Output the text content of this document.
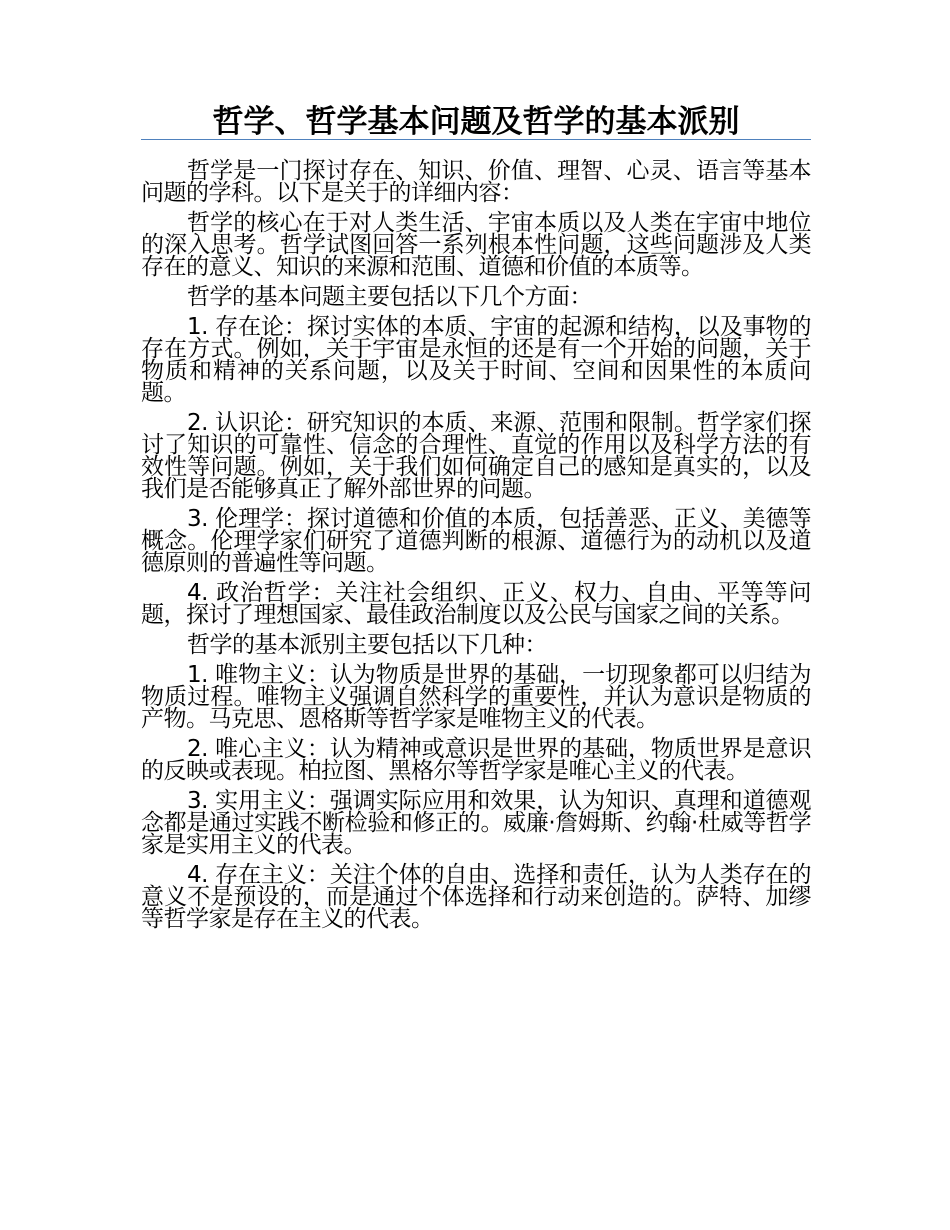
哲学、哲学基本问题及哲学的基本派别

哲学是一门探讨存在、知识、价值、理智、心灵、语言等基本问题的学科。以下是关于的详细内容：

哲学的核心在于对人类生活、宇宙本质以及人类在宇宙中地位的深入思考。哲学试图回答一系列根本性问题，这些问题涉及人类存在的意义、知识的来源和范围、道德和价值的本质等。

哲学的基本问题主要包括以下几个方面：

1. 存在论：探讨实体的本质、宇宙的起源和结构，以及事物的存在方式。例如，关于宇宙是永恒的还是有一个开始的问题，关于物质和精神的关系问题，以及关于时间、空间和因果性的本质问题。

2. 认识论：研究知识的本质、来源、范围和限制。哲学家们探讨了知识的可靠性、信念的合理性、直觉的作用以及科学方法的有效性等问题。例如，关于我们如何确定自己的感知是真实的，以及我们是否能够真正了解外部世界的问题。

3. 伦理学：探讨道德和价值的本质，包括善恶、正义、美德等概念。伦理学家们研究了道德判断的根源、道德行为的动机以及道德原则的普遍性等问题。

4. 政治哲学：关注社会组织、正义、权力、自由、平等等问题，探讨了理想国家、最佳政治制度以及公民与国家之间的关系。

哲学的基本派别主要包括以下几种：

1. 唯物主义：认为物质是世界的基础，一切现象都可以归结为物质过程。唯物主义强调自然科学的重要性，并认为意识是物质的产物。马克思、恩格斯等哲学家是唯物主义的代表。

2. 唯心主义：认为精神或意识是世界的基础，物质世界是意识的反映或表现。柏拉图、黑格尔等哲学家是唯心主义的代表。

3. 实用主义：强调实际应用和效果，认为知识、真理和道德观念都是通过实践不断检验和修正的。威廉·詹姆斯、约翰·杜威等哲学家是实用主义的代表。

4. 存在主义：关注个体的自由、选择和责任，认为人类存在的意义不是预设的，而是通过个体选择和行动来创造的。萨特、加缪等哲学家是存在主义的代表。
